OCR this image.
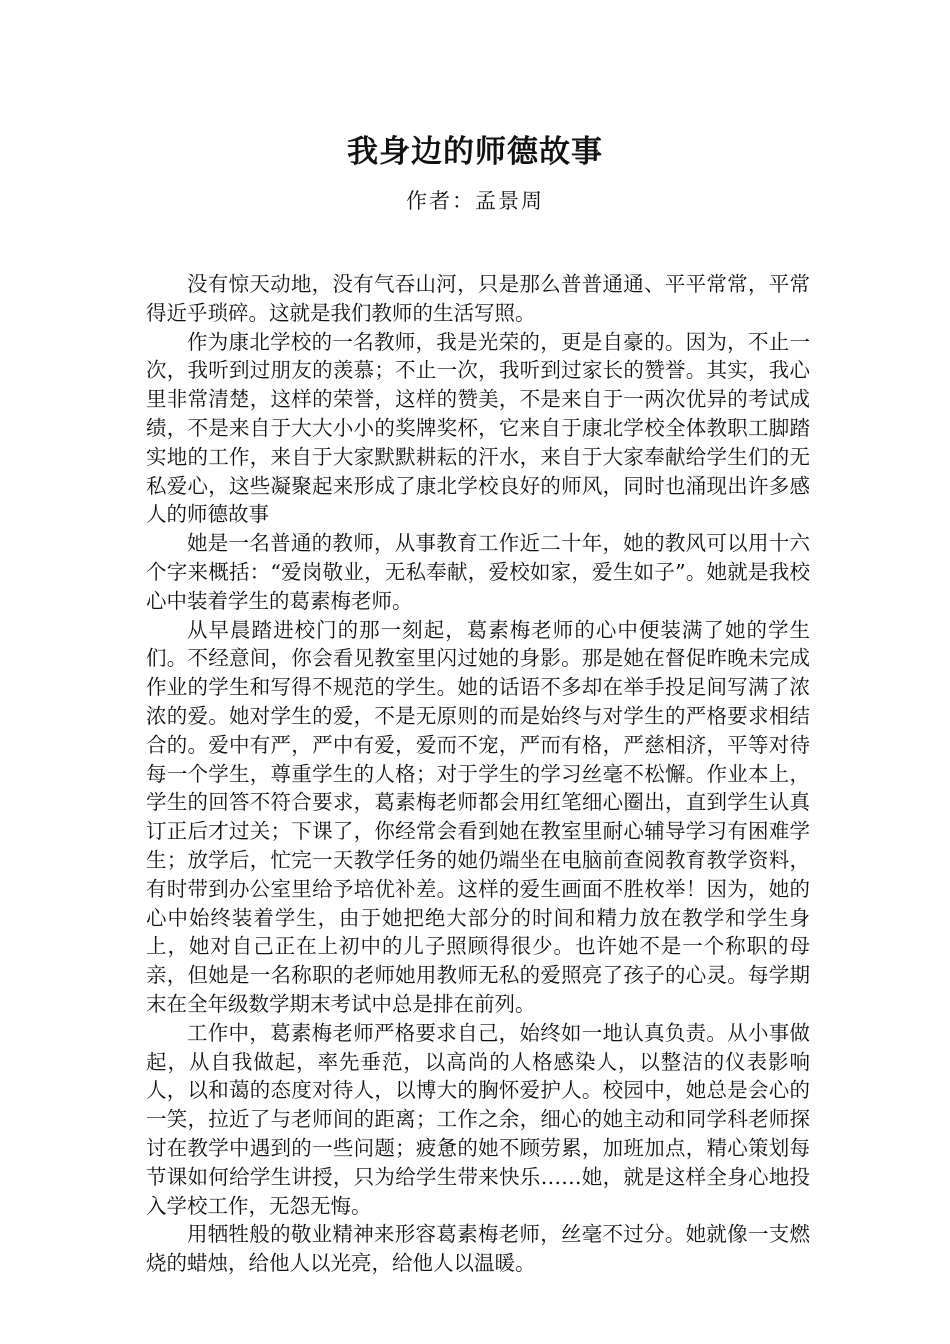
我身边的师德故事
作者：孟景周

没有惊天动地，没有气吞山河，只是那么普普通通、平平常常，平常得近乎琐碎。这就是我们教师的生活写照。

作为康北学校的一名教师，我是光荣的，更是自豪的。因为，不止一次，我听到过朋友的羡慕；不止一次，我听到过家长的赞誉。其实，我心里非常清楚，这样的荣誉，这样的赞美，不是来自于一两次优异的考试成绩，不是来自于大大小小的奖牌奖杯，它来自于康北学校全体教职工脚踏实地的工作，来自于大家默默耕耘的汗水，来自于大家奉献给学生们的无私爱心，这些凝聚起来形成了康北学校良好的师风，同时也涌现出许多感人的师德故事

她是一名普通的教师，从事教育工作近二十年，她的教风可以用十六个字来概括：“爱岗敬业，无私奉献，爱校如家，爱生如子”。她就是我校心中装着学生的葛素梅老师。

从早晨踏进校门的那一刻起，葛素梅老师的心中便装满了她的学生们。不经意间，你会看见教室里闪过她的身影。那是她在督促昨晚未完成作业的学生和写得不规范的学生。她的话语不多却在举手投足间写满了浓浓的爱。她对学生的爱，不是无原则的而是始终与对学生的严格要求相结合的。爱中有严，严中有爱，爱而不宠，严而有格，严慈相济，平等对待每一个学生，尊重学生的人格；对于学生的学习丝毫不松懈。作业本上，学生的回答不符合要求，葛素梅老师都会用红笔细心圈出，直到学生认真订正后才过关；下课了，你经常会看到她在教室里耐心辅导学习有困难学生；放学后，忙完一天教学任务的她仍端坐在电脑前查阅教育教学资料，有时带到办公室里给予培优补差。这样的爱生画面不胜枚举！因为，她的心中始终装着学生，由于她把绝大部分的时间和精力放在教学和学生身上，她对自己正在上初中的儿子照顾得很少。也许她不是一个称职的母亲，但她是一名称职的老师她用教师无私的爱照亮了孩子的心灵。每学期末在全年级数学期末考试中总是排在前列。

工作中，葛素梅老师严格要求自己，始终如一地认真负责。从小事做起，从自我做起，率先垂范，以高尚的人格感染人，以整洁的仪表影响人，以和蔼的态度对待人，以博大的胸怀爱护人。校园中，她总是会心的一笑，拉近了与老师间的距离；工作之余，细心的她主动和同学科老师探讨在教学中遇到的一些问题；疲惫的她不顾劳累，加班加点，精心策划每节课如何给学生讲授，只为给学生带来快乐……她，就是这样全身心地投入学校工作，无怨无悔。

用牺牲般的敬业精神来形容葛素梅老师，丝毫不过分。她就像一支燃烧的蜡烛，给他人以光亮，给他人以温暖。
